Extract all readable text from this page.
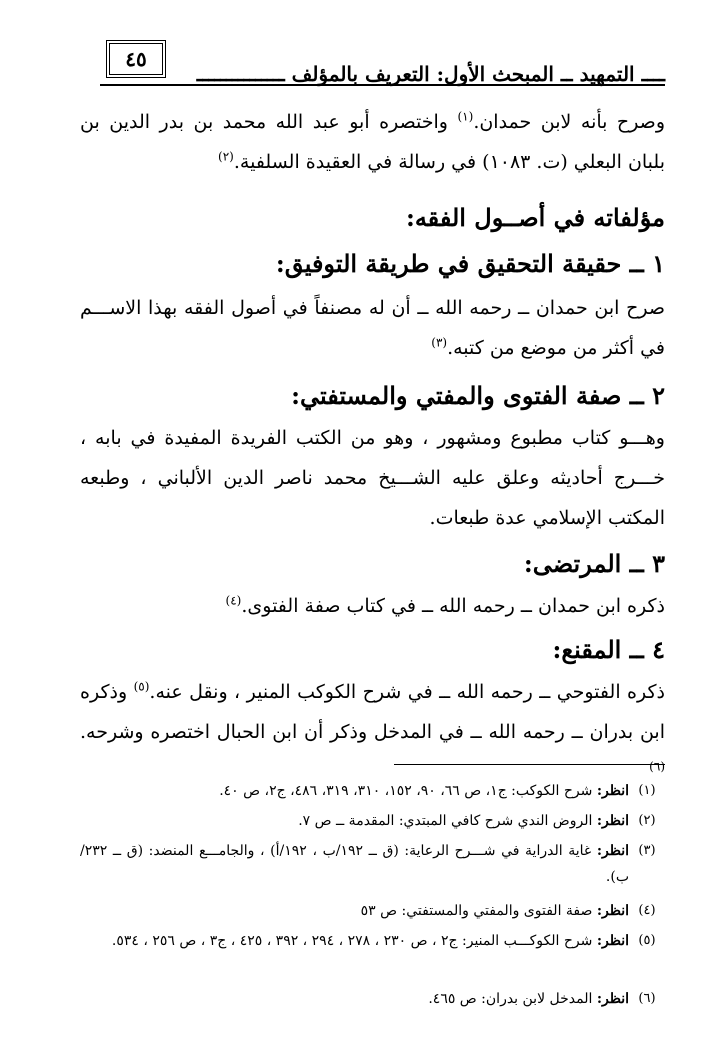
٤٥
ــــ التمهيد ــ المبحث الأول: التعريف بالمؤلف ـــــــــــــــ
وصرح بأنه لابن حمدان.$^{(١)}$ واختصره أبو عبد الله محمد بن بدر الدين بن بلبان البعلي (ت. ١٠٨٣) في رسالة في العقيدة السلفية.$^{(٢)}$
مؤلفاته في أصــول الفقه:
١ ــ حقيقة التحقيق في طريقة التوفيق:
صرح ابن حمدان ــ رحمه الله ــ أن له مصنفاً في أصول الفقه بهذا الاســـم في أكثر من موضع من كتبه.$^{(٣)}$
٢ ــ صفة الفتوى والمفتي والمستفتي:
وهـــو كتاب مطبوع ومشهور ، وهو من الكتب الفريدة المفيدة في بابه ، خـــرج أحاديثه وعلق عليه الشـــيخ محمد ناصر الدين الألباني ، وطبعه المكتب الإسلامي عدة طبعات.
٣ ــ المرتضى:
ذكره ابن حمدان ــ رحمه الله ــ في كتاب صفة الفتوى.$^{(٤)}$
٤ ــ المقنع:
ذكره الفتوحي ــ رحمه الله ــ في شرح الكوكب المنير ، ونقل عنه.$^{(٥)}$ وذكره ابن بدران ــ رحمه الله ــ في المدخل وذكر أن ابن الحبال اختصره وشرحه.$^{(٦)}$
(١)
انظر: شرح الكوكب: ج١، ص ٦٦، ٩٠، ١٥٢، ٣١٠، ٣١٩، ٤٨٦، ج٢، ص ٤٠.
(٢)
انظر: الروض الندي شرح كافي المبتدي: المقدمة ــ ص ٧.
(٣)
انظر: غاية الدراية في شـــرح الرعاية: (ق ــ ١٩٢/ب ، ١٩٢/أ) ، والجامـــع المنضد: (ق ــ ٢٣٢/ب).
(٤)
انظر: صفة الفتوى والمفتي والمستفتي: ص ٥٣
(٥)
انظر: شرح الكوكـــب المنير: ج٢ ، ص ٢٣٠ ، ٢٧٨ ، ٢٩٤ ، ٣٩٢ ، ٤٢٥ ، ج٣ ، ص ٢٥٦ ، ٥٣٤.
(٦)
انظر: المدخل لابن بدران: ص ٤٦٥.
